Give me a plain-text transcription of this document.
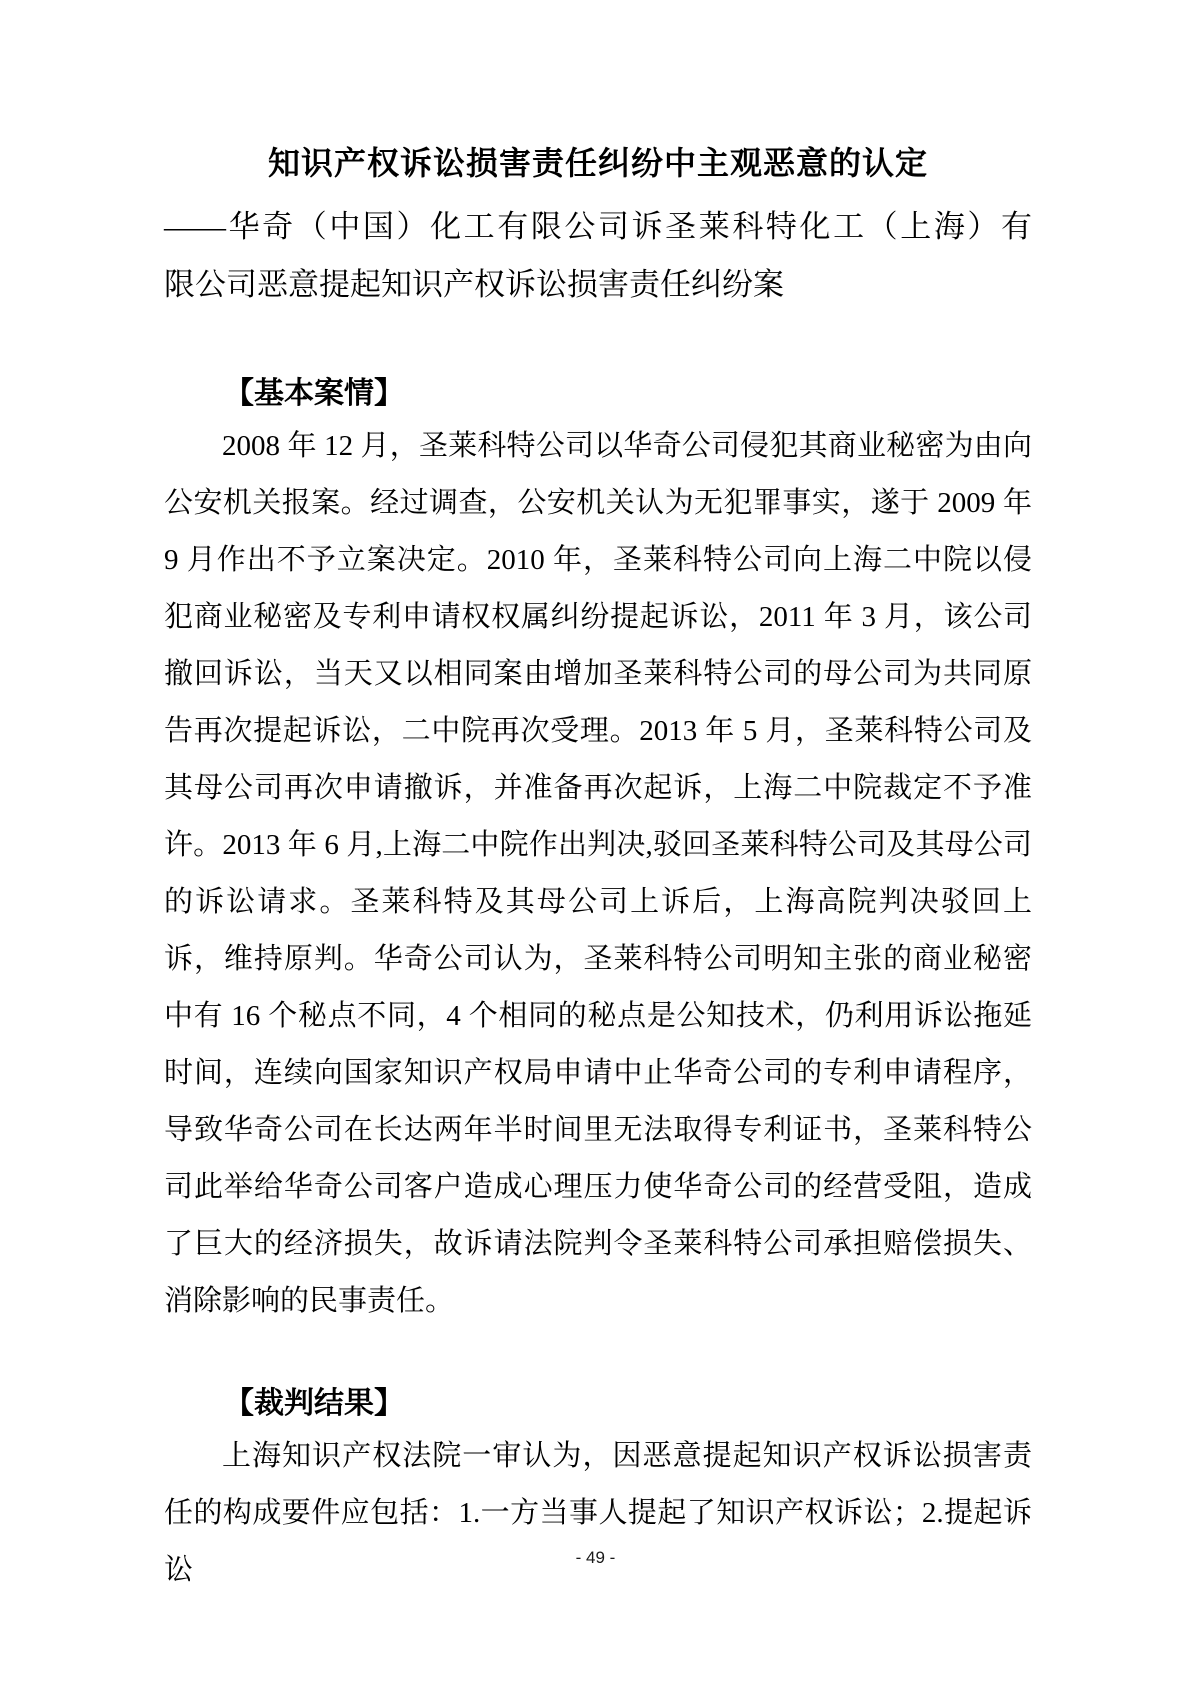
知识产权诉讼损害责任纠纷中主观恶意的认定
——华奇（中国）化工有限公司诉圣莱科特化工（上海）有
限公司恶意提起知识产权诉讼损害责任纠纷案
【基本案情】

2008 年 12 月，圣莱科特公司以华奇公司侵犯其商业秘密为由向公安机关报案。经过调查，公安机关认为无犯罪事实，遂于 2009 年 9 月作出不予立案决定。2010 年，圣莱科特公司向上海二中院以侵犯商业秘密及专利申请权权属纠纷提起诉讼，2011 年 3 月，该公司撤回诉讼，当天又以相同案由增加圣莱科特公司的母公司为共同原告再次提起诉讼，二中院再次受理。2013 年 5 月，圣莱科特公司及其母公司再次申请撤诉，并准备再次起诉，上海二中院裁定不予准许。2013 年 6 月,上海二中院作出判决,驳回圣莱科特公司及其母公司的诉讼请求。圣莱科特及其母公司上诉后，上海高院判决驳回上诉，维持原判。华奇公司认为，圣莱科特公司明知主张的商业秘密中有 16 个秘点不同，4 个相同的秘点是公知技术，仍利用诉讼拖延时间，连续向国家知识产权局申请中止华奇公司的专利申请程序，导致华奇公司在长达两年半时间里无法取得专利证书，圣莱科特公司此举给华奇公司客户造成心理压力使华奇公司的经营受阻，造成了巨大的经济损失，故诉请法院判令圣莱科特公司承担赔偿损失、消除影响的民事责任。

【裁判结果】

上海知识产权法院一审认为，因恶意提起知识产权诉讼损害责任的构成要件应包括：1.一方当事人提起了知识产权诉讼；2.提起诉讼	- 49 -
